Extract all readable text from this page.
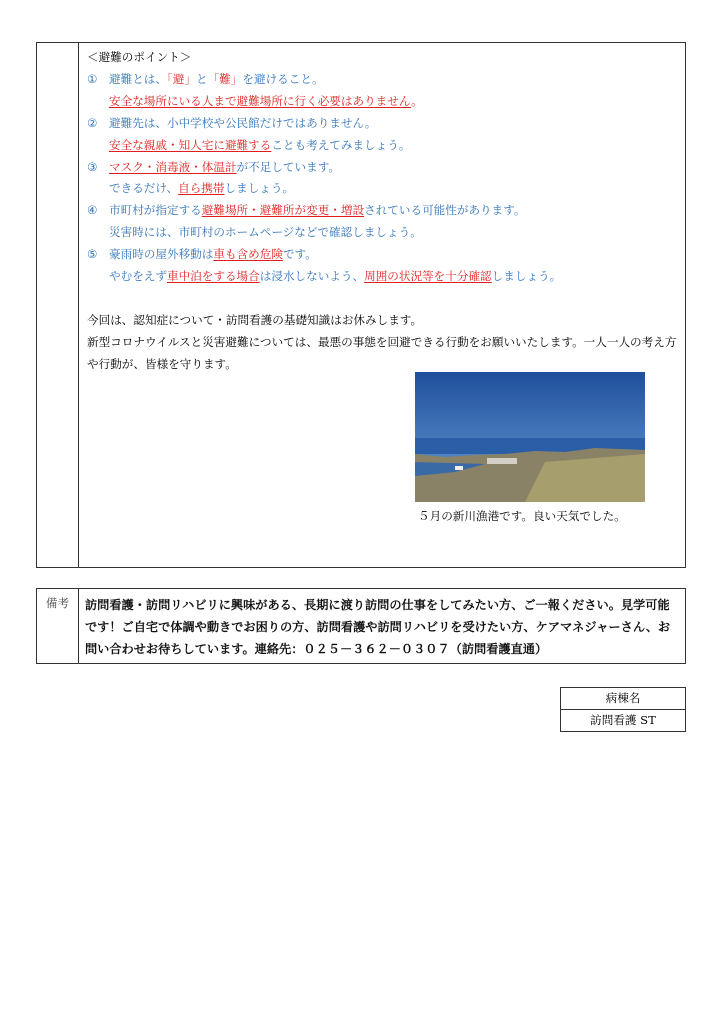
＜避難のポイント＞
① 避難とは、「避」と「難」を避けること。
安全な場所にいる人まで避難場所に行く必要はありません。
② 避難先は、小中学校や公民館だけではありません。
安全な親戚・知人宅に避難することも考えてみましょう。
③ マスク・消毒液・体温計が不足しています。
できるだけ、自ら携帯しましょう。
④ 市町村が指定する避難場所・避難所が変更・増設されている可能性があります。
災害時には、市町村のホームページなどで確認しましょう。
⑤ 豪雨時の屋外移動は車も含め危険です。
やむをえず車中泊をする場合は浸水しないよう、周囲の状況等を十分確認しましょう。
今回は、認知症について・訪問看護の基礎知識はお休みします。
新型コロナウイルスと災害避難については、最悪の事態を回避できる行動をお願いいたします。一人一人の考え方や行動が、皆様を守ります。
５月の新川漁港です。良い天気でした。
備考	訪問看護・訪問リハビリに興味がある、長期に渡り訪問の仕事をしてみたい方、ご一報ください。見学可能です！ご自宅で体調や動きでお困りの方、訪問看護や訪問リハビリを受けたい方、ケアマネジャーさん、お問い合わせお待ちしています。連絡先：０２５－３６２－０３０７（訪問看護直通）
病棟名
訪問看護 ST
